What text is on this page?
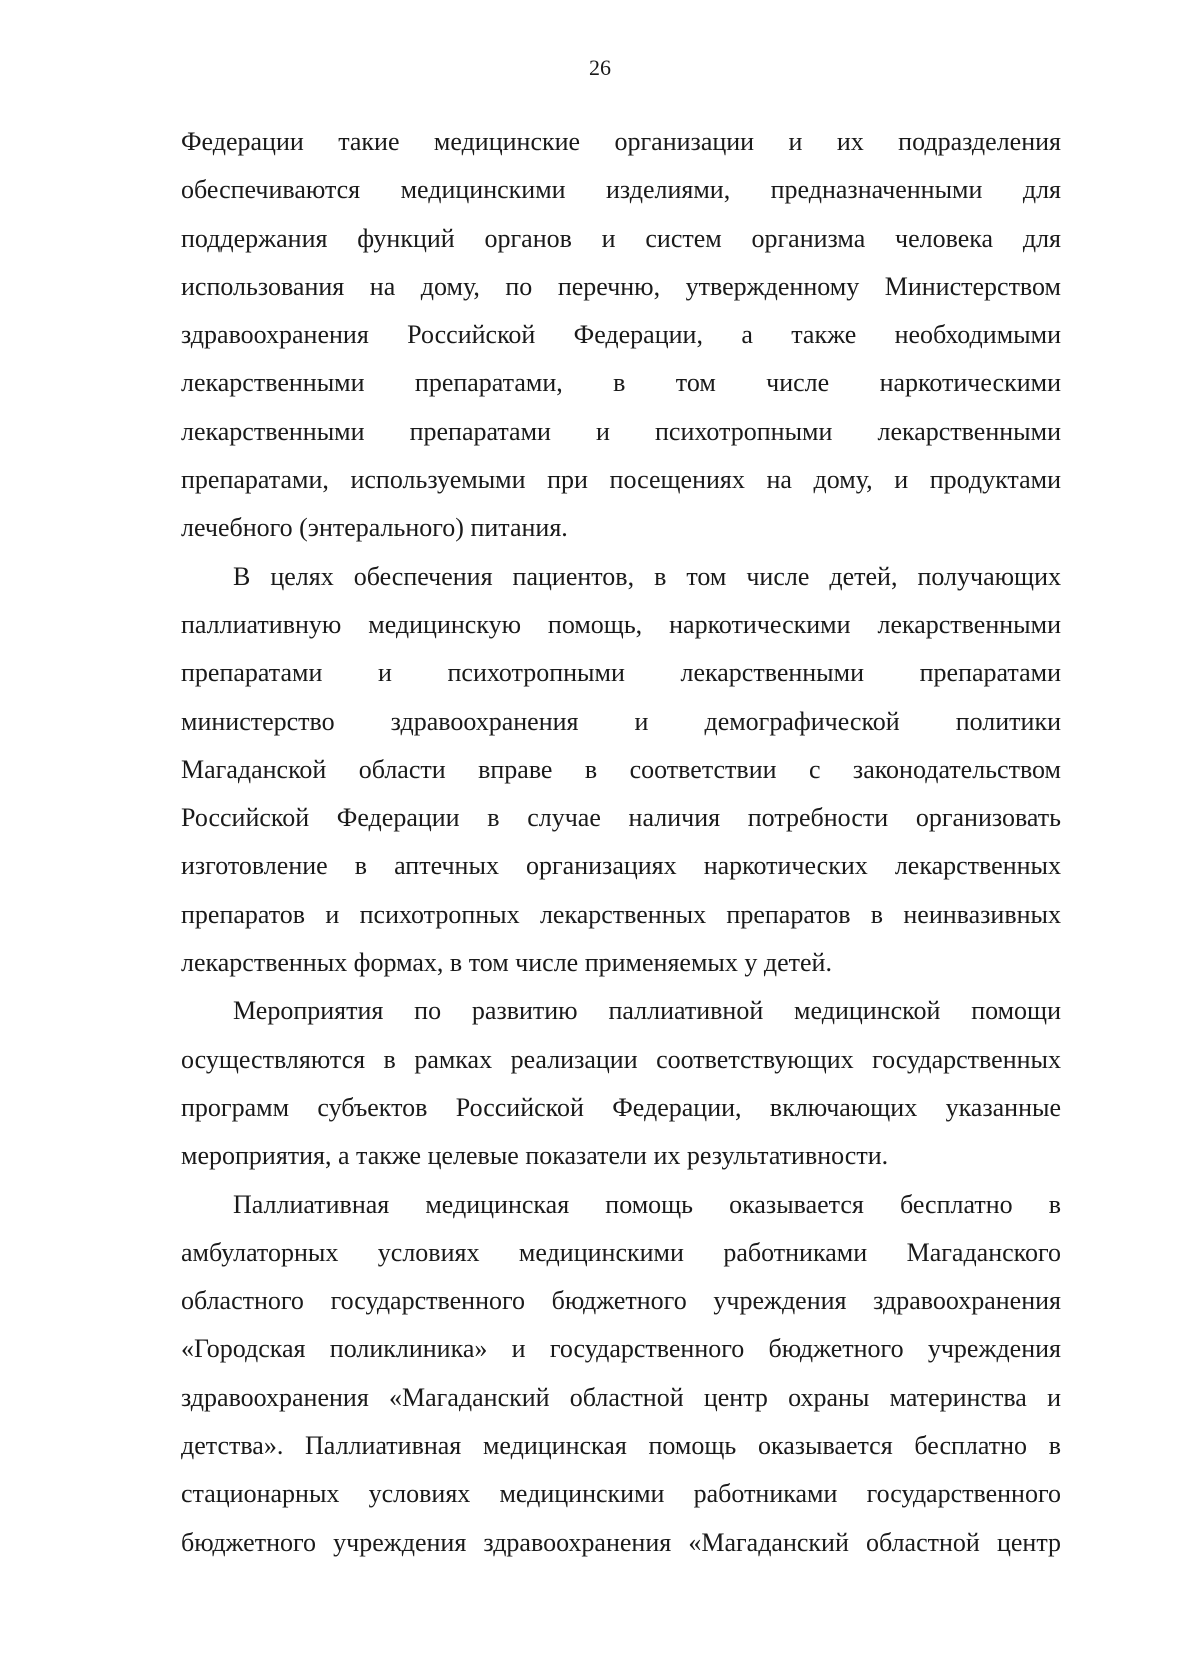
26
Федерации такие медицинские организации и их подразделения
обеспечиваются медицинскими изделиями, предназначенными для
поддержания функций органов и систем организма человека для
использования на дому, по перечню, утвержденному Министерством
здравоохранения Российской Федерации, а также необходимыми
лекарственными препаратами, в том числе наркотическими
лекарственными препаратами и психотропными лекарственными
препаратами, используемыми при посещениях на дому, и продуктами
лечебного (энтерального) питания.
В целях обеспечения пациентов, в том числе детей, получающих
паллиативную медицинскую помощь, наркотическими лекарственными
препаратами и психотропными лекарственными препаратами
министерство здравоохранения и демографической политики
Магаданской области вправе в соответствии с законодательством
Российской Федерации в случае наличия потребности организовать
изготовление в аптечных организациях наркотических лекарственных
препаратов и психотропных лекарственных препаратов в неинвазивных
лекарственных формах, в том числе применяемых у детей.
Мероприятия по развитию паллиативной медицинской помощи
осуществляются в рамках реализации соответствующих государственных
программ субъектов Российской Федерации, включающих указанные
мероприятия, а также целевые показатели их результативности.
Паллиативная медицинская помощь оказывается бесплатно в
амбулаторных условиях медицинскими работниками Магаданского
областного государственного бюджетного учреждения здравоохранения
«Городская поликлиника» и государственного бюджетного учреждения
здравоохранения «Магаданский областной центр охраны материнства и
детства». Паллиативная медицинская помощь оказывается бесплатно в
стационарных условиях медицинскими работниками государственного
бюджетного учреждения здравоохранения «Магаданский областной центр
